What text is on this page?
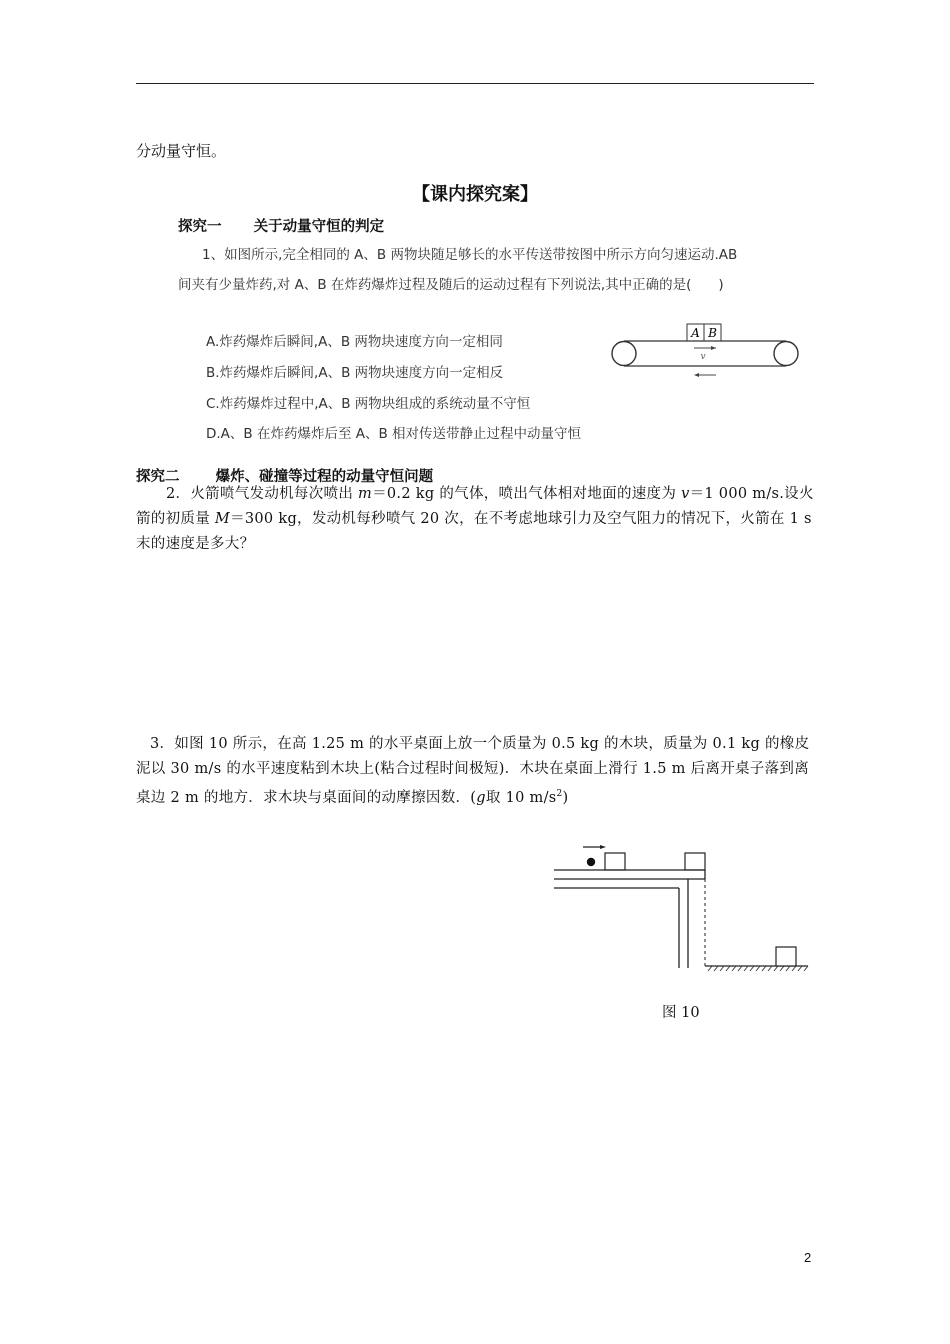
分动量守恒。
【课内探究案】
探究一 关于动量守恒的判定
1、如图所示,完全相同的 A、B 两物块随足够长的水平传送带按图中所示方向匀速运动.AB
间夹有少量炸药,对 A、B 在炸药爆炸过程及随后的运动过程有下列说法,其中正确的是(　　)
A.炸药爆炸后瞬间,A、B 两物块速度方向一定相同
B.炸药爆炸后瞬间,A、B 两物块速度方向一定相反
C.炸药爆炸过程中,A、B 两物块组成的系统动量不守恒
D.A、B 在炸药爆炸后至 A、B 相对传送带静止过程中动量守恒
A B
v
探究二 爆炸、碰撞等过程的动量守恒问题
2．火箭喷气发动机每次喷出 m＝0.2 kg 的气体，喷出气体相对地面的速度为 v＝1 000 m/s.设火箭的初质量 M＝300 kg，发动机每秒喷气 20 次，在不考虑地球引力及空气阻力的情况下，火箭在 1 s 末的速度是多大？
3．如图 10 所示，在高 1.25 m 的水平桌面上放一个质量为 0.5 kg 的木块，质量为 0.1 kg 的橡皮泥以 30 m/s 的水平速度粘到木块上(粘合过程时间极短)．木块在桌面上滑行 1.5 m 后离开桌子落到离桌边 2 m 的地方．求木块与桌面间的动摩擦因数．(g取 10 $m/s^2$)
图 10
2
